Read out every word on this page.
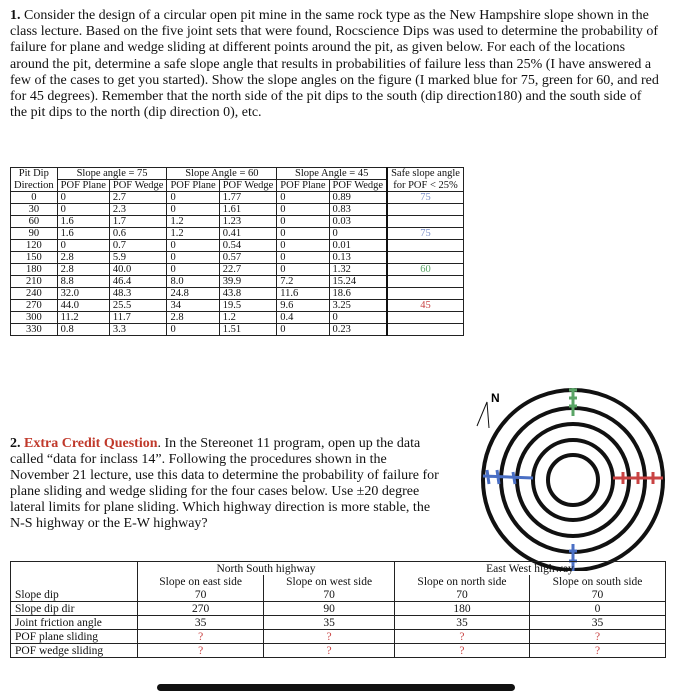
1. Consider the design of a circular open pit mine in the same rock type as the New Hampshire slope shown in the class lecture. Based on the five joint sets that were found, Rocscience Dips was used to determine the probability of failure for plane and wedge sliding at different points around the pit, as given below. For each of the locations around the pit, determine a safe slope angle that results in probabilities of failure less than 25% (I have answered a few of the cases to get you started). Show the slope angles on the figure (I marked blue for 75, green for 60, and red for 45 degrees). Remember that the north side of the pit dips to the south (dip direction180) and the south side of the pit dips to the north (dip direction 0), etc.
Pit Dip	Slope angle = 75		Slope Angle = 60		Slope Angle = 45		Safe slope angle
Direction	POF Plane	POF Wedge	POF Plane	POF Wedge	POF Plane	POF Wedge	for POF < 25%
0	0	2.7	0	1.77	0	0.89	75
30	0	2.3	0	1.61	0	0.83	
60	1.6	1.7	1.2	1.23	0	0.03	
90	1.6	0.6	1.2	0.41	0	0	75
120	0	0.7	0	0.54	0	0.01	
150	2.8	5.9	0	0.57	0	0.13	
180	2.8	40.0	0	22.7	0	1.32	60
210	8.8	46.4	8.0	39.9	7.2	15.24	
240	32.0	48.3	24.8	43.8	11.6	18.6	
270	44.0	25.5	34	19.5	9.6	3.25	45
300	11.2	11.7	2.8	1.2	0.4	0	
330	0.8	3.3	0	1.51	0	0.23	
2. Extra Credit Question. In the Stereonet 11 program, open up the data called “data for inclass 14”. Following the procedures shown in the November 21 lecture, use this data to determine the probability of failure for plane sliding and wedge sliding for the four cases below. Use ±20 degree lateral limits for plane sliding. Which highway direction is more stable, the N-S highway or the E-W highway?
N
	North South highway		East West highway	
	Slope on east side	Slope on west side	Slope on north side	Slope on south side
Slope dip	70	70	70	70
Slope dip dir	270	90	180	0
Joint friction angle	35	35	35	35
POF plane sliding	?	?	?	?
POF wedge sliding	?	?	?	?
